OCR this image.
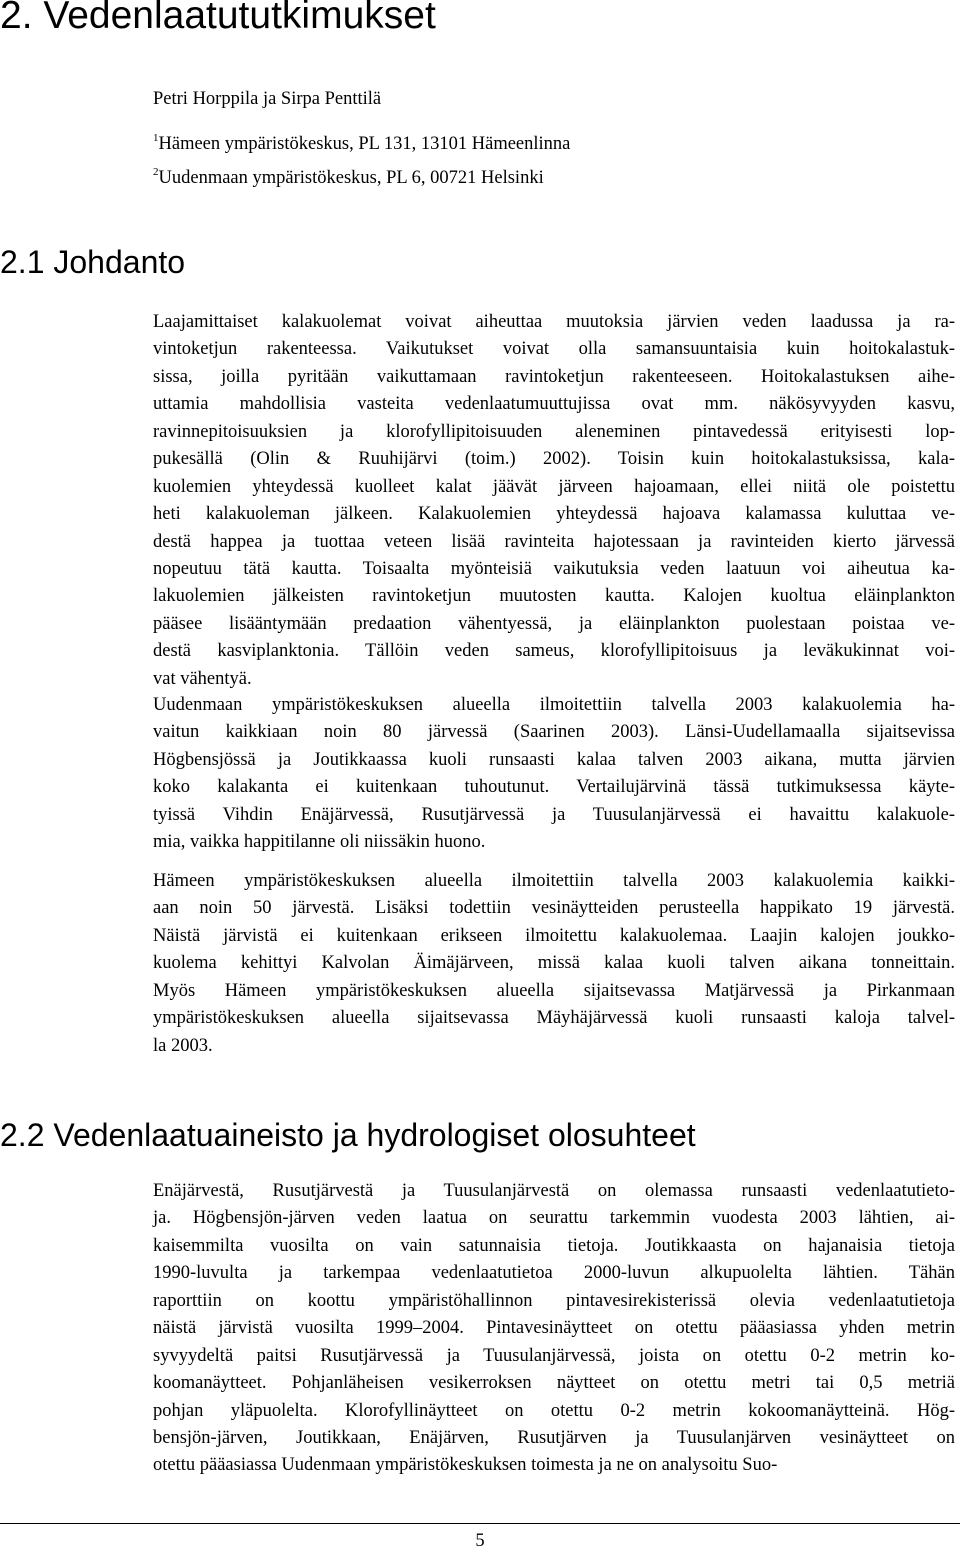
2. Vedenlaatututkimukset

Petri Horppila ja Sirpa Penttilä

$^1$Hämeen ympäristökeskus, PL 131, 13101 Hämeenlinna
$^2$Uudenmaan ympäristökeskus, PL 6, 00721 Helsinki
2.1 Johdanto
Laajamittaiset kalakuolemat voivat aiheuttaa muutoksia järvien veden laadussa ja ra-
vintoketjun rakenteessa. Vaikutukset voivat olla samansuuntaisia kuin hoitokalastuk-
sissa, joilla pyritään vaikuttamaan ravintoketjun rakenteeseen. Hoitokalastuksen aihe-
uttamia mahdollisia vasteita vedenlaatumuuttujissa ovat mm. näkösyvyyden kasvu,
ravinnepitoisuuksien ja klorofyllipitoisuuden aleneminen pintavedessä erityisesti lop-
pukesällä (Olin & Ruuhijärvi (toim.) 2002). Toisin kuin hoitokalastuksissa, kala-
kuolemien yhteydessä kuolleet kalat jäävät järveen hajoamaan, ellei niitä ole poistettu
heti kalakuoleman jälkeen. Kalakuolemien yhteydessä hajoava kalamassa kuluttaa ve-
destä happea ja tuottaa veteen lisää ravinteita hajotessaan ja ravinteiden kierto järvessä
nopeutuu tätä kautta. Toisaalta myönteisiä vaikutuksia veden laatuun voi aiheutua ka-
lakuolemien jälkeisten ravintoketjun muutosten kautta. Kalojen kuoltua eläinplankton
pääsee lisääntymään predaation vähentyessä, ja eläinplankton puolestaan poistaa ve-
destä kasviplanktonia. Tällöin veden sameus, klorofyllipitoisuus ja leväkukinnat voi-
vat vähentyä.
Uudenmaan ympäristökeskuksen alueella ilmoitettiin talvella 2003 kalakuolemia ha-
vaitun kaikkiaan noin 80 järvessä (Saarinen 2003). Länsi-Uudellamaalla sijaitsevissa
Högbensjössä ja Joutikkaassa kuoli runsaasti kalaa talven 2003 aikana, mutta järvien
koko kalakanta ei kuitenkaan tuhoutunut. Vertailujärvinä tässä tutkimuksessa käyte-
tyissä Vihdin Enäjärvessä, Rusutjärvessä ja Tuusulanjärvessä ei havaittu kalakuole-
mia, vaikka happitilanne oli niissäkin huono.
Hämeen ympäristökeskuksen alueella ilmoitettiin talvella 2003 kalakuolemia kaikki-
aan noin 50 järvestä. Lisäksi todettiin vesinäytteiden perusteella happikato 19 järvestä.
Näistä järvistä ei kuitenkaan erikseen ilmoitettu kalakuolemaa. Laajin kalojen joukko-
kuolema kehittyi Kalvolan Äimäjärveen, missä kalaa kuoli talven aikana tonneittain.
Myös Hämeen ympäristökeskuksen alueella sijaitsevassa Matjärvessä ja Pirkanmaan
ympäristökeskuksen alueella sijaitsevassa Mäyhäjärvessä kuoli runsaasti kaloja talvel-
la 2003.
2.2 Vedenlaatuaineisto ja hydrologiset olosuhteet
Enäjärvestä, Rusutjärvestä ja Tuusulanjärvestä on olemassa runsaasti vedenlaatutieto-
ja. Högbensjön-järven veden laatua on seurattu tarkemmin vuodesta 2003 lähtien, ai-
kaisemmilta vuosilta on vain satunnaisia tietoja. Joutikkaasta on hajanaisia tietoja
1990-luvulta ja tarkempaa vedenlaatutietoa 2000-luvun alkupuolelta lähtien. Tähän
raporttiin on koottu ympäristöhallinnon pintavesirekisterissä olevia vedenlaatutietoja
näistä järvistä vuosilta 1999–2004. Pintavesinäytteet on otettu pääasiassa yhden metrin
syvyydeltä paitsi Rusutjärvessä ja Tuusulanjärvessä, joista on otettu 0-2 metrin ko-
koomanäytteet. Pohjanläheisen vesikerroksen näytteet on otettu metri tai 0,5 metriä
pohjan yläpuolelta. Klorofyllinäytteet on otettu 0-2 metrin kokoomanäytteinä. Hög-
bensjön-järven, Joutikkaan, Enäjärven, Rusutjärven ja Tuusulanjärven vesinäytteet on
otettu pääasiassa Uudenmaan ympäristökeskuksen toimesta ja ne on analysoitu Suo-

5
